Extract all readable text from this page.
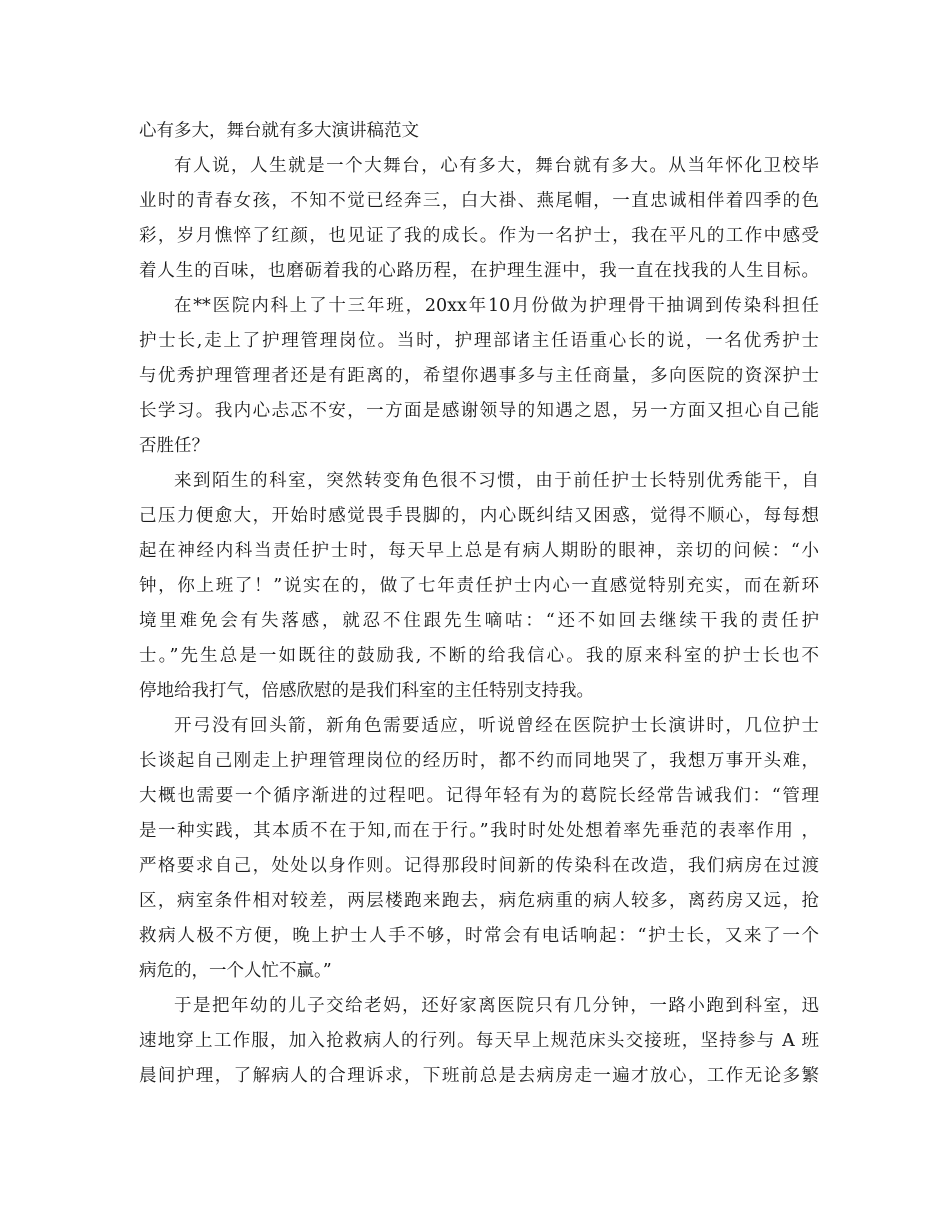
心有多大，舞台就有多大演讲稿范文
有人说，人生就是一个大舞台，心有多大，舞台就有多大。从当年怀化卫校毕
业时的青春女孩，不知不觉已经奔三，白大褂、燕尾帽，一直忠诚相伴着四季的色
彩，岁月憔悴了红颜，也见证了我的成长。作为一名护士，我在平凡的工作中感受
着人生的百味，也磨砺着我的心路历程，在护理生涯中，我一直在找我的人生目标。
在**医院内科上了十三年班，20xx年10月份做为护理骨干抽调到传染科担任
护士长,走上了护理管理岗位。当时，护理部诸主任语重心长的说，一名优秀护士
与优秀护理管理者还是有距离的，希望你遇事多与主任商量，多向医院的资深护士
长学习。我内心忐忑不安，一方面是感谢领导的知遇之恩，另一方面又担心自己能
否胜任？
来到陌生的科室，突然转变角色很不习惯，由于前任护士长特别优秀能干，自
己压力便愈大，开始时感觉畏手畏脚的，内心既纠结又困惑，觉得不顺心，每每想
起在神经内科当责任护士时，每天早上总是有病人期盼的眼神，亲切的问候：“小
钟，你上班了！”说实在的，做了七年责任护士内心一直感觉特别充实，而在新环
境里难免会有失落感，就忍不住跟先生嘀咕：“还不如回去继续干我的责任护
士。”先生总是一如既往的鼓励我, 不断的给我信心。我的原来科室的护士长也不
停地给我打气，倍感欣慰的是我们科室的主任特别支持我。
开弓没有回头箭，新角色需要适应，听说曾经在医院护士长演讲时，几位护士
长谈起自己刚走上护理管理岗位的经历时，都不约而同地哭了，我想万事开头难，
大概也需要一个循序渐进的过程吧。记得年轻有为的葛院长经常告诫我们：“管理
是一种实践，其本质不在于知,而在于行。”我时时处处想着率先垂范的表率作用 ，
严格要求自己，处处以身作则。记得那段时间新的传染科在改造，我们病房在过渡
区，病室条件相对较差，两层楼跑来跑去，病危病重的病人较多，离药房又远，抢
救病人极不方便，晚上护士人手不够，时常会有电话响起：“护士长，又来了一个
病危的，一个人忙不赢。”
于是把年幼的儿子交给老妈，还好家离医院只有几分钟，一路小跑到科室，迅
速地穿上工作服，加入抢救病人的行列。每天早上规范床头交接班，坚持参与 A 班
晨间护理，了解病人的合理诉求，下班前总是去病房走一遍才放心，工作无论多繁
